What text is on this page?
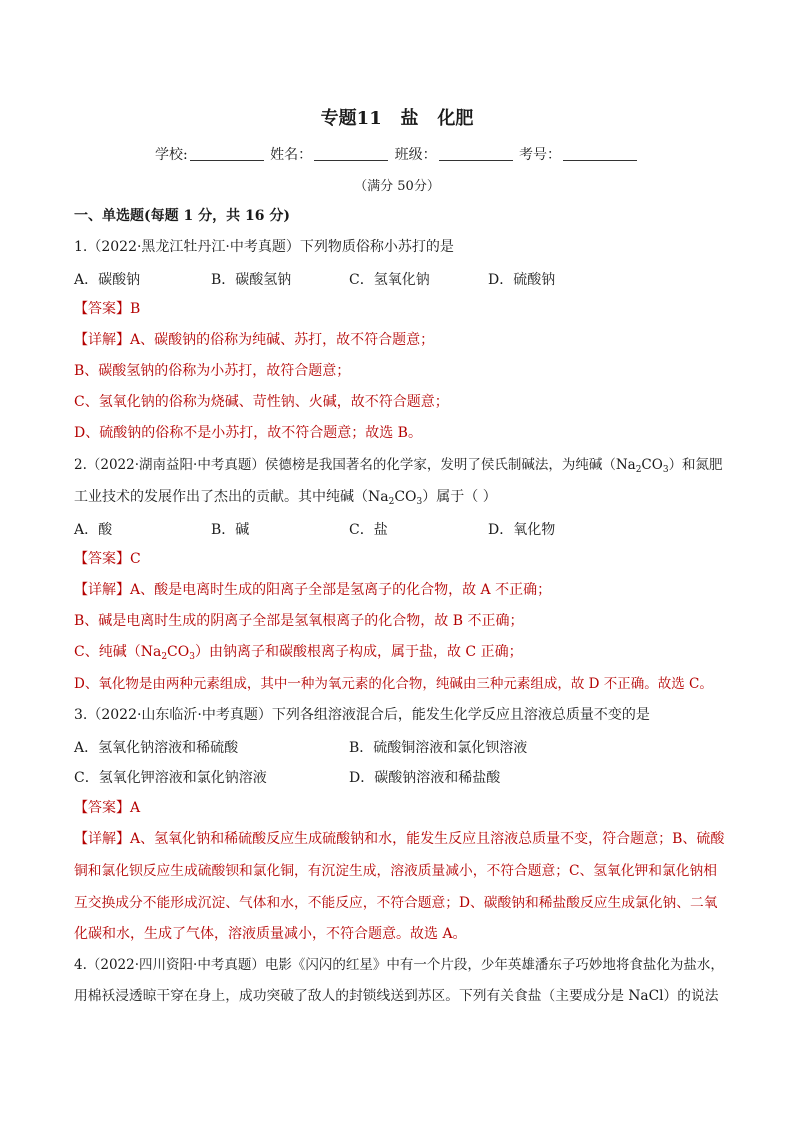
专题11   盐   化肥
学校:	姓名：	班级：	考号：
（满分 50分）
一、单选题(每题 1 分，共 16 分)
1.（2022·黑龙江牡丹江·中考真题）下列物质俗称小苏打的是
A．碳酸钠	B．碳酸氢钠	C．氢氧化钠	D．硫酸钠
【答案】B
【详解】A、碳酸钠的俗称为纯碱、苏打，故不符合题意；
B、碳酸氢钠的俗称为小苏打，故符合题意；
C、氢氧化钠的俗称为烧碱、苛性钠、火碱，故不符合题意；
D、硫酸钠的俗称不是小苏打，故不符合题意；故选 B。
2.（2022·湖南益阳·中考真题）侯德榜是我国著名的化学家，发明了侯氏制碱法，为纯碱$(Na_2CO_3)$和氮肥
工业技术的发展作出了杰出的贡献。其中纯碱$(Na_2CO_3)$属于（ ）
A．酸	B．碱	C．盐	D．氧化物
【答案】C
【详解】A、酸是电离时生成的阳离子全部是氢离子的化合物，故 A 不正确；
B、碱是电离时生成的阴离子全部是氢氧根离子的化合物，故 B 不正确；
C、纯碱$(Na_2CO_3)$由钠离子和碳酸根离子构成，属于盐，故 C 正确；
D、氧化物是由两种元素组成，其中一种为氧元素的化合物，纯碱由三种元素组成，故 D 不正确。故选 C。
3.（2022·山东临沂·中考真题）下列各组溶液混合后，能发生化学反应且溶液总质量不变的是
A．氢氧化钠溶液和稀硫酸	B．硫酸铜溶液和氯化钡溶液
C．氢氧化钾溶液和氯化钠溶液	D．碳酸钠溶液和稀盐酸
【答案】A
【详解】A、氢氧化钠和稀硫酸反应生成硫酸钠和水，能发生反应且溶液总质量不变，符合题意；B、硫酸
铜和氯化钡反应生成硫酸钡和氯化铜，有沉淀生成，溶液质量减小，不符合题意；C、氢氧化钾和氯化钠相
互交换成分不能形成沉淀、气体和水，不能反应，不符合题意；D、碳酸钠和稀盐酸反应生成氯化钠、二氧
化碳和水，生成了气体，溶液质量减小，不符合题意。故选 A。
4.（2022·四川资阳·中考真题）电影《闪闪的红星》中有一个片段，少年英雄潘东子巧妙地将食盐化为盐水，
用棉袄浸透晾干穿在身上，成功突破了敌人的封锁线送到苏区。下列有关食盐（主要成分是 NaCl）的说法
